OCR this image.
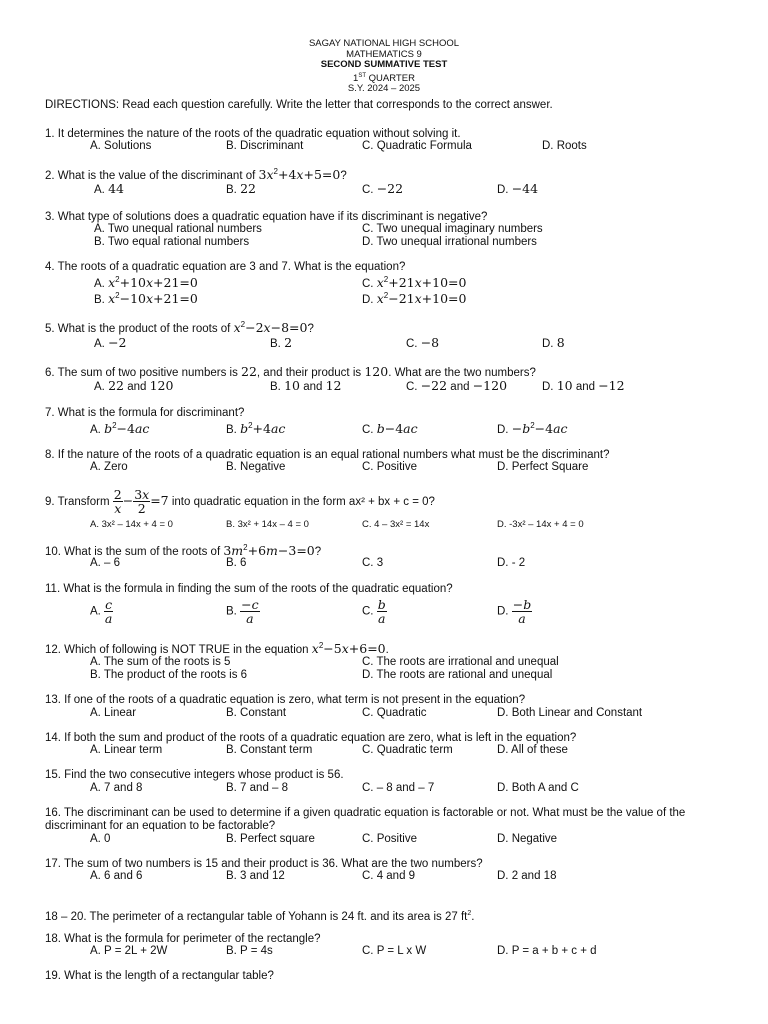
SAGAY NATIONAL HIGH SCHOOL
MATHEMATICS 9
SECOND SUMMATIVE TEST
1ST QUARTER
S.Y. 2024 – 2025
DIRECTIONS: Read each question carefully. Write the letter that corresponds to the correct answer.
1. It determines the nature of the roots of the quadratic equation without solving it.
A. Solutions	B. Discriminant	C. Quadratic Formula	D. Roots
2. What is the value of the discriminant of $3x^2+4x+5=0$?
A. 44	B. 22	C. −22	D. −44
3. What type of solutions does a quadratic equation have if its discriminant is negative?
A. Two unequal rational numbers
B. Two equal rational numbers
C. Two unequal imaginary numbers
D. Two unequal irrational numbers
4. The roots of a quadratic equation are 3 and 7. What is the equation?
A. $x^2+10x+21=0$
B. $x^2-10x+21=0$
C. $x^2+21x+10=0$
D. $x^2-21x+10=0$
5. What is the product of the roots of $x^2-2x-8=0$?
A. −2	B. 2	C. −8	D. 8
6. The sum of two positive numbers is 22, and their product is 120. What are the two numbers?
A. 22 and 120	B. 10 and 12	C. −22 and −120	D. 10 and −12
7. What is the formula for discriminant?
A. $b^2-4ac$	B. $b^2+4ac$	C. b−4ac	D. $-b^2-4ac$
8. If the nature of the roots of a quadratic equation is an equal rational numbers what must be the discriminant?
A. Zero	B. Negative	C. Positive	D. Perfect Square
9. Transform $\frac{2}{x} - \frac{3x}{2} =7$ into quadratic equation in the form ax² + bx + c = 0?
A. 3x² – 14x + 4 = 0	B. 3x² + 14x – 4 = 0	C. 4 – 3x² = 14x	D. -3x² – 14x + 4 = 0
10. What is the sum of the roots of $3m^2+6m-3=0$?
A. – 6	B. 6	C. 3	D. - 2
11. What is the formula in finding the sum of the roots of the quadratic equation?
A. $\frac{c}{a}$	B. $\frac{-c}{a}$	C. $\frac{b}{a}$	D. $\frac{-b}{a}$
12. Which of following is NOT TRUE in the equation $x^2-5x+6=0$.
A. The sum of the roots is 5
B. The product of the roots is 6
C. The roots are irrational and unequal
D. The roots are rational and unequal
13. If one of the roots of a quadratic equation is zero, what term is not present in the equation?
A. Linear	B. Constant	C. Quadratic	D. Both Linear and Constant
14. If both the sum and product of the roots of a quadratic equation are zero, what is left in the equation?
A. Linear term	B. Constant term	C. Quadratic term	D. All of these
15. Find the two consecutive integers whose product is 56.
A. 7 and 8	B. 7 and – 8	C. – 8 and – 7	D. Both A and C
16. The discriminant can be used to determine if a given quadratic equation is factorable or not. What must be the value of the discriminant for an equation to be factorable?
A. 0	B. Perfect square	C. Positive	D. Negative
17. The sum of two numbers is 15 and their product is 36. What are the two numbers?
A. 6 and 6	B. 3 and 12	C. 4 and 9	D. 2 and 18
18 – 20. The perimeter of a rectangular table of Yohann is 24 ft. and its area is 27 $ft^2$.
18. What is the formula for perimeter of the rectangle?
A. P = 2L + 2W	B. P = 4s	C. P = L x W	D. P = a + b + c + d
19. What is the length of a rectangular table?
